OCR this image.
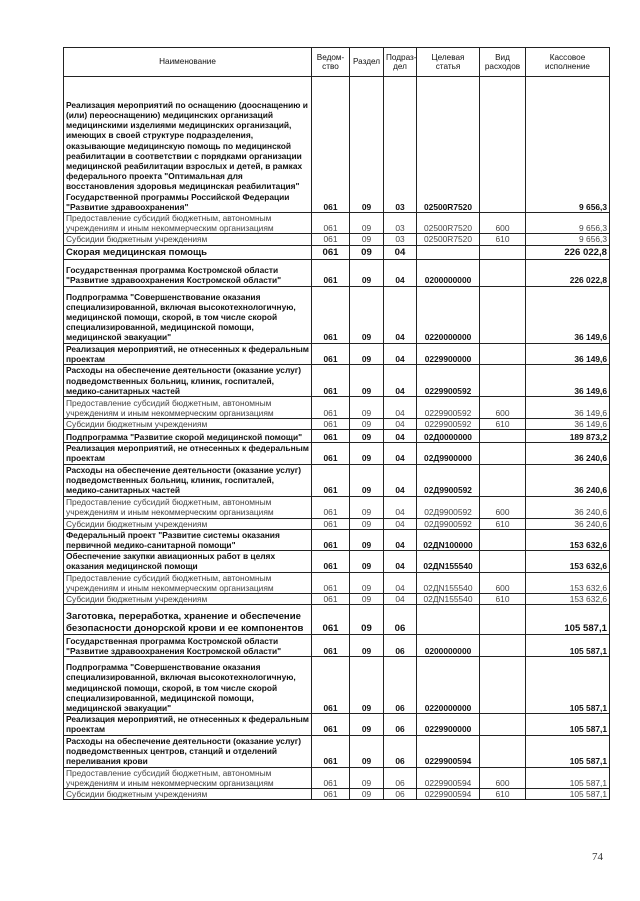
Наименование	Ведом-ство	Раздел	Подраз-дел	Целевая статья	Вид расходов	Кассовое исполнение
Реализация мероприятий по оснащению (дооснащению и (или) переоснащению) медицинских организаций медицинскими изделиями медицинских организаций, имеющих в своей структуре подразделения, оказывающие медицинскую помощь по медицинской реабилитации в соответствии с порядками организации медицинской реабилитации взрослых и детей, в рамках федерального проекта "Оптимальная для восстановления здоровья медицинская реабилитация" Государственной программы Российской Федерации "Развитие здравоохранения"	061	09	03	02500R7520		9 656,3
Предоставление субсидий бюджетным, автономным учреждениям и иным некоммерческим организациям	061	09	03	02500R7520	600	9 656,3
Субсидии бюджетным учреждениям	061	09	03	02500R7520	610	9 656,3
Скорая медицинская помощь	061	09	04			226 022,8
Государственная программа Костромской области "Развитие здравоохранения Костромской области"	061	09	04	0200000000		226 022,8
Подпрограмма "Совершенствование оказания специализированной, включая высокотехнологичную, медицинской помощи, скорой, в том числе скорой специализированной, медицинской помощи, медицинской эвакуации"	061	09	04	0220000000		36 149,6
Реализация мероприятий, не отнесенных к федеральным проектам	061	09	04	0229900000		36 149,6
Расходы на обеспечение деятельности (оказание услуг) подведомственных больниц, клиник, госпиталей, медико-санитарных частей	061	09	04	0229900592		36 149,6
Предоставление субсидий бюджетным, автономным учреждениям и иным некоммерческим организациям	061	09	04	0229900592	600	36 149,6
Субсидии бюджетным учреждениям	061	09	04	0229900592	610	36 149,6
Подпрограмма "Развитие скорой медицинской помощи"	061	09	04	02Д0000000		189 873,2
Реализация мероприятий, не отнесенных к федеральным проектам	061	09	04	02Д9900000		36 240,6
Расходы на обеспечение деятельности (оказание услуг) подведомственных больниц, клиник, госпиталей, медико-санитарных частей	061	09	04	02Д9900592		36 240,6
Предоставление субсидий бюджетным, автономным учреждениям и иным некоммерческим организациям	061	09	04	02Д9900592	600	36 240,6
Субсидии бюджетным учреждениям	061	09	04	02Д9900592	610	36 240,6
Федеральный проект "Развитие системы оказания первичной медико-санитарной помощи"	061	09	04	02ДN100000		153 632,6
Обеспечение закупки авиационных работ в целях оказания медицинской помощи	061	09	04	02ДN155540		153 632,6
Предоставление субсидий бюджетным, автономным учреждениям и иным некоммерческим организациям	061	09	04	02ДN155540	600	153 632,6
Субсидии бюджетным учреждениям	061	09	04	02ДN155540	610	153 632,6
Заготовка, переработка, хранение и обеспечение безопасности донорской крови и ее компонентов	061	09	06			105 587,1
Государственная программа Костромской области "Развитие здравоохранения Костромской области"	061	09	06	0200000000		105 587,1
Подпрограмма "Совершенствование оказания специализированной, включая высокотехнологичную, медицинской помощи, скорой, в том числе скорой специализированной, медицинской помощи, медицинской эвакуации"	061	09	06	0220000000		105 587,1
Реализация мероприятий, не отнесенных к федеральным проектам	061	09	06	0229900000		105 587,1
Расходы на обеспечение деятельности (оказание услуг) подведомственных центров, станций и отделений переливания крови	061	09	06	0229900594		105 587,1
Предоставление субсидий бюджетным, автономным учреждениям и иным некоммерческим организациям	061	09	06	0229900594	600	105 587,1
Субсидии бюджетным учреждениям	061	09	06	0229900594	610	105 587,1
74
